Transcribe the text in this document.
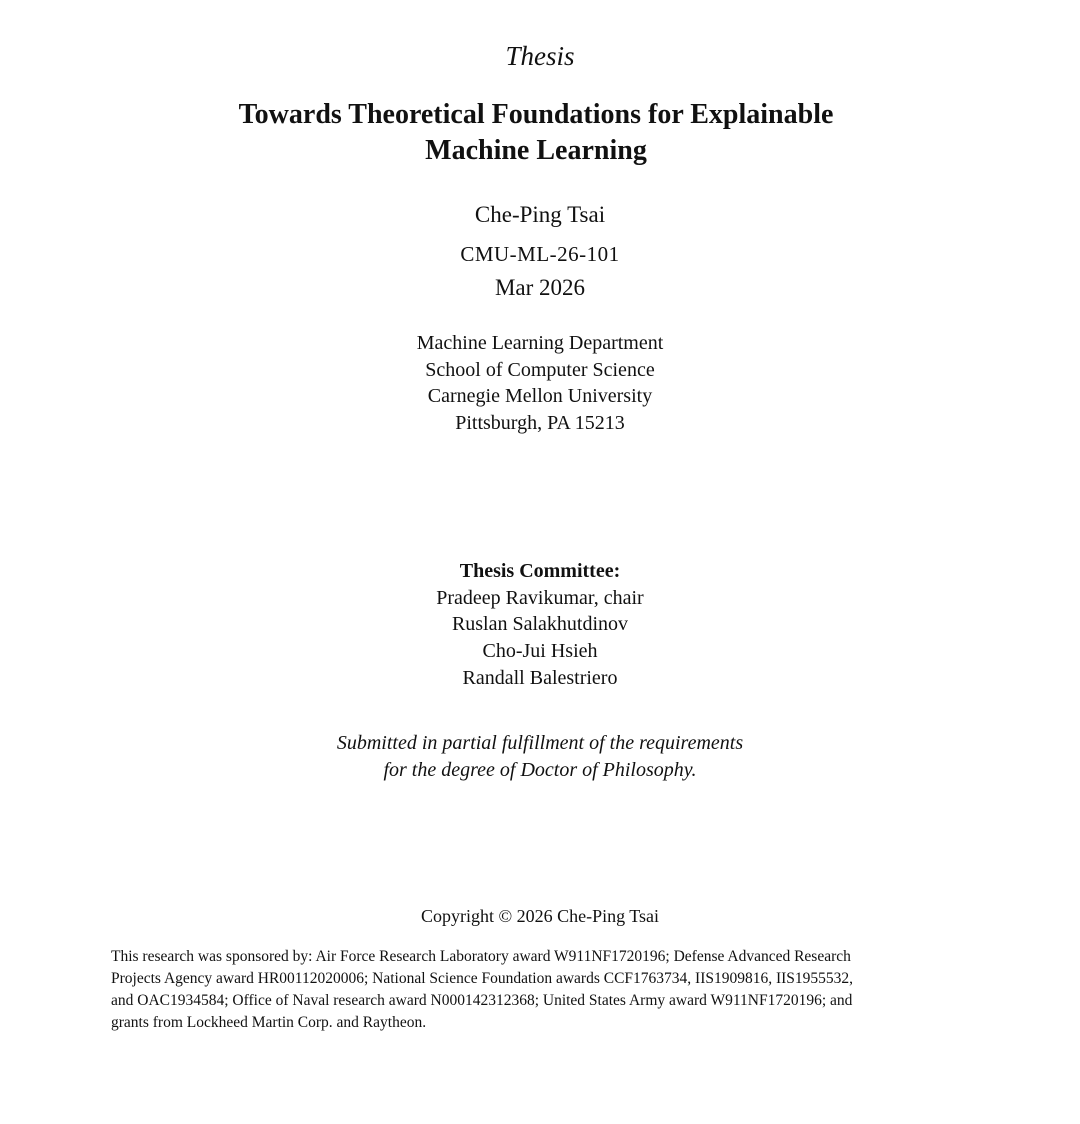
Thesis
Towards Theoretical Foundations for Explainable
Machine Learning
Che-Ping Tsai
CMU-ML-26-101
Mar 2026
Machine Learning Department
School of Computer Science
Carnegie Mellon University
Pittsburgh, PA 15213
Thesis Committee:
Pradeep Ravikumar, chair
Ruslan Salakhutdinov
Cho-Jui Hsieh
Randall Balestriero
Submitted in partial fulfillment of the requirements
for the degree of Doctor of Philosophy.
Copyright © 2026 Che-Ping Tsai
This research was sponsored by: Air Force Research Laboratory award W911NF1720196; Defense Advanced Research
Projects Agency award HR00112020006; National Science Foundation awards CCF1763734, IIS1909816, IIS1955532,
and OAC1934584; Office of Naval research award N000142312368; United States Army award W911NF1720196; and
grants from Lockheed Martin Corp. and Raytheon.
